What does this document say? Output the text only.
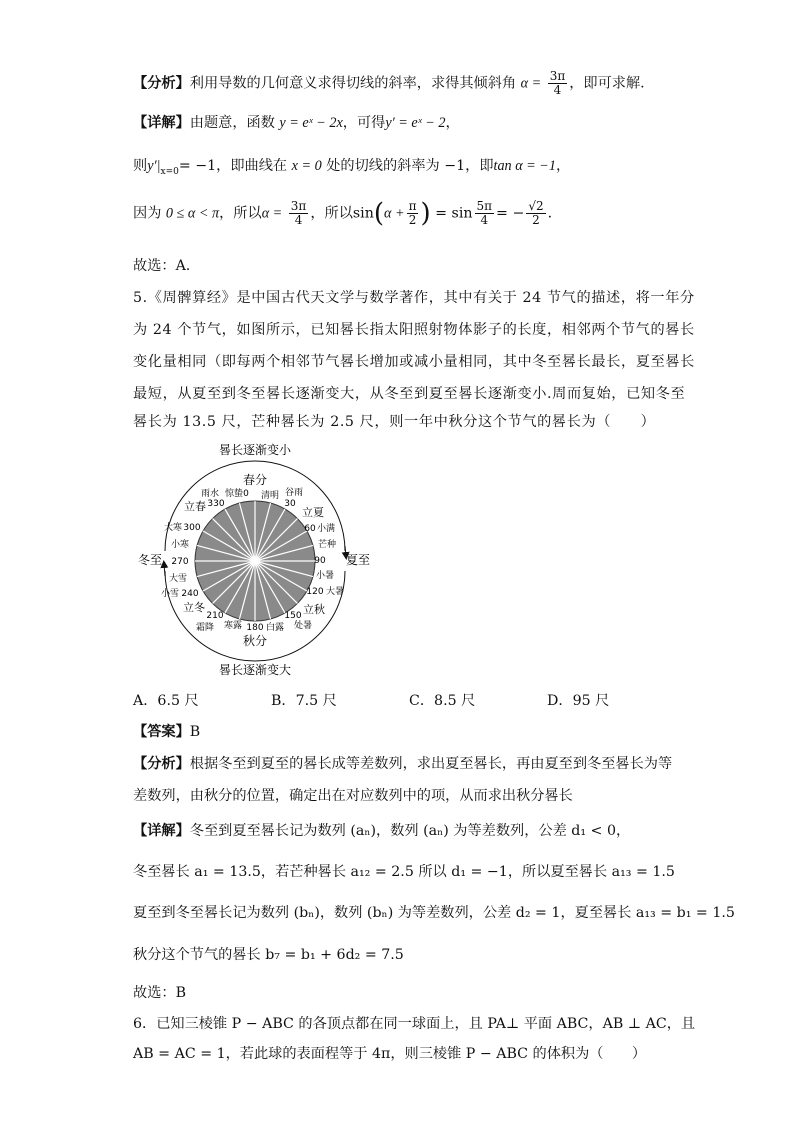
【分析】利用导数的几何意义求得切线的斜率，求得其倾斜角 $\alpha = \frac{3\pi}{4}$ ，即可求解.
【详解】由题意，函数 y = eˣ − 2x，可得y′ = eˣ − 2，
则$y'|_{x=0}= -1$，即曲线在 x = 0 处的切线的斜率为 −1，即tan α = −1，
因为 0 ≤ α < π，所以$\alpha = \frac{3\pi}{4}$ ，所以$\sin(\alpha + \frac{\pi}{2}$ ) = $\sin \frac{5\pi}{4}$ = − $\frac{√2}{2}$ .
故选：A.
5.《周髀算经》是中国古代天文学与数学著作，其中有关于 24 节气的描述，将一年分
为 24 个节气，如图所示，已知晷长指太阳照射物体影子的长度，相邻两个节气的晷长
变化量相同（即每两个相邻节气晷长增加或减小量相同，其中冬至晷长最长，夏至晷长
最短，从夏至到冬至晷长逐渐变大，从冬至到夏至晷长逐渐变小.周而复始，已知冬至
晷长为 13.5 尺，芒种晷长为 2.5 尺，则一年中秋分这个节气的晷长为（　　）
晷长逐渐变小
晷长逐渐变大
春分
秋分
冬至	夏至
立春	立夏
立秋
立冬
雨水 惊蛰 清明 谷雨
小满
芒种
小暑
大暑
处暑
白露
寒露
霜降
小雪
大雪
小寒
大寒
0
30
60
90
120
150
180
210
240
270
300
330
A．6.5 尺	B．7.5 尺	C．8.5 尺	D．95 尺
【答案】B
【分析】根据冬至到夏至的晷长成等差数列，求出夏至晷长，再由夏至到冬至晷长为等
差数列，由秋分的位置，确定出在对应数列中的项，从而求出秋分晷长
【详解】冬至到夏至晷长记为数列 (aₙ)，数列 (aₙ) 为等差数列，公差 d₁ < 0，
冬至晷长 a₁ = 13.5，若芒种晷长 a₁₂ = 2.5 所以 d₁ = −1，所以夏至晷长 a₁₃ = 1.5
夏至到冬至晷长记为数列 (bₙ)，数列 (bₙ) 为等差数列，公差 d₂ = 1，夏至晷长 a₁₃ = b₁ = 1.5
秋分这个节气的晷长 b₇ = b₁ + 6d₂ = 7.5
故选：B
6．已知三棱锥 P − ABC 的各顶点都在同一球面上，且 PA⊥ 平面 ABC，AB ⊥ AC，且
AB = AC = 1，若此球的表面程等于 4π，则三棱锥 P − ABC 的体积为（　　）
